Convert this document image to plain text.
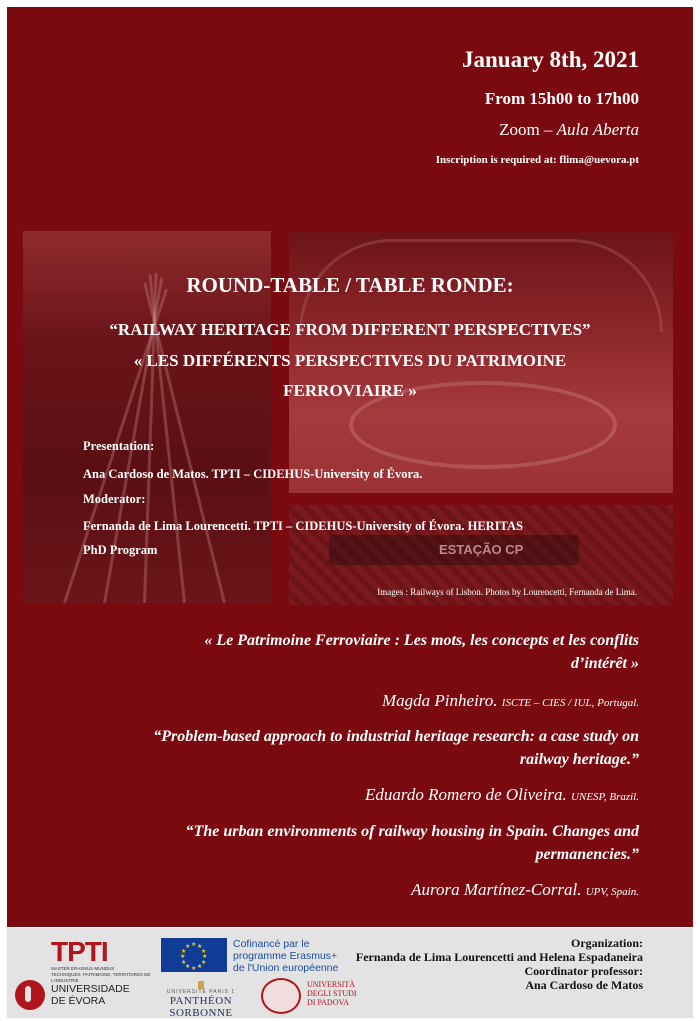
January 8th, 2021
From 15h00 to 17h00
Zoom – Aula Aberta
Inscription is required at: flima@uevora.pt
ESTAÇÃO CP
ROUND-TABLE / TABLE RONDE:
“RAILWAY HERITAGE FROM DIFFERENT PERSPECTIVES”
« LES DIFFÉRENTS PERSPECTIVES DU PATRIMOINE
FERROVIAIRE »
Presentation:
Ana Cardoso de Matos. TPTI – CIDEHUS-University of Évora.
Moderator:
Fernanda de Lima Lourencetti. TPTI – CIDEHUS-University of Évora. HERITAS
PhD Program
Images : Railways of Lisbon. Photos by Lourencetti, Fernanda de Lima.
« Le Patrimoine Ferroviaire : Les mots, les concepts et les conflits d’intérêt »
Magda Pinheiro. ISCTE – CIES / IUL, Portugal.
“Problem-based approach to industrial heritage research: a case study on railway heritage.”
Eduardo Romero de Oliveira. UNESP, Brazil.
“The urban environments of railway housing in Spain. Changes and permanencies.”
Aurora Martínez-Corral. UPV, Spain.
TPTI
MASTER ERASMUS MUNDUS
TECHNIQUES, PATRIMOINE, TERRITOIRES DE L'INDUSTRIE
UNIVERSIDADE
DE ÉVORA
★ ★
★
★
★
★
★
★
★
★
★
★	Cofinancé par le
programme Erasmus+
de l'Union européenne
UNIVERSITÉ PARIS 1
PANTHÉON SORBONNE
UNIVERSITÀ
DEGLI STUDI
DI PADOVA
Organization:
Fernanda de Lima Lourencetti and Helena Espadaneira
Coordinator professor:
Ana Cardoso de Matos
